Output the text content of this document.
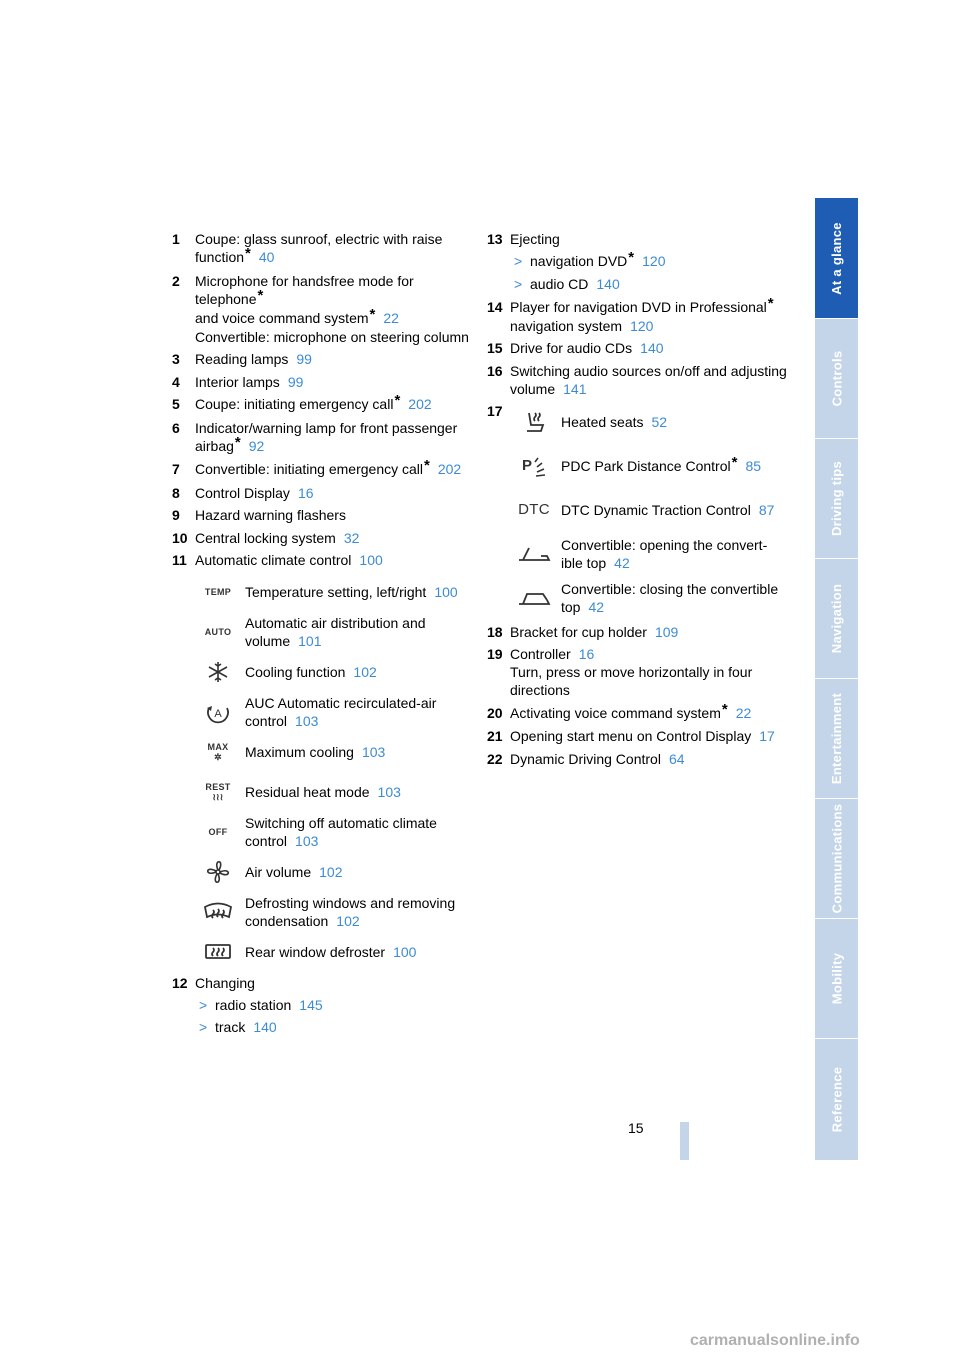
1 Coupe: glass sunroof, electric with raise function* 40
2 Microphone for handsfree mode for telephone*
and voice command system* 22
Convertible: microphone on steering column
3 Reading lamps 99
4 Interior lamps 99
5 Coupe: initiating emergency call* 202
6 Indicator/warning lamp for front passenger airbag* 92
7 Convertible: initiating emergency call* 202
8 Control Display 16
9 Hazard warning flashers
10 Central locking system 32
11 Automatic climate control 100
TEMP Temperature setting, left/right 100
AUTO
Automatic air distribution and volume 101
Cooling function 102
A
AUC Automatic recirculated-air control 103
MAX
✲ Maximum cooling 103
REST
≀≀≀ Residual heat mode 103
OFF
Switching off automatic climate control 103
Air volume 102
Defrosting windows and removing condensation 102
Rear window defroster 100
12 Changing
> radio station 145
> track 140
13 Ejecting
> navigation DVD* 120
> audio CD 140
14 Player for navigation DVD in Professional*
navigation system 120
15 Drive for audio CDs 140
16 Switching audio sources on/off and adjusting volume 141
17
Heated seats 52
P PDC Park Distance Control* 85
DTC DTC Dynamic Traction Control 87
Convertible: opening the convert-ible top 42
Convertible: closing the convertible top 42
18 Bracket for cup holder 109
19 Controller 16
Turn, press or move horizontally in four directions
20 Activating voice command system* 22
21 Opening start menu on Control Display 17
22 Dynamic Driving Control 64
At a glance
Controls
Driving tips
Navigation
Entertainment
Communications
Mobility
Reference
15
carmanualsonline.info
